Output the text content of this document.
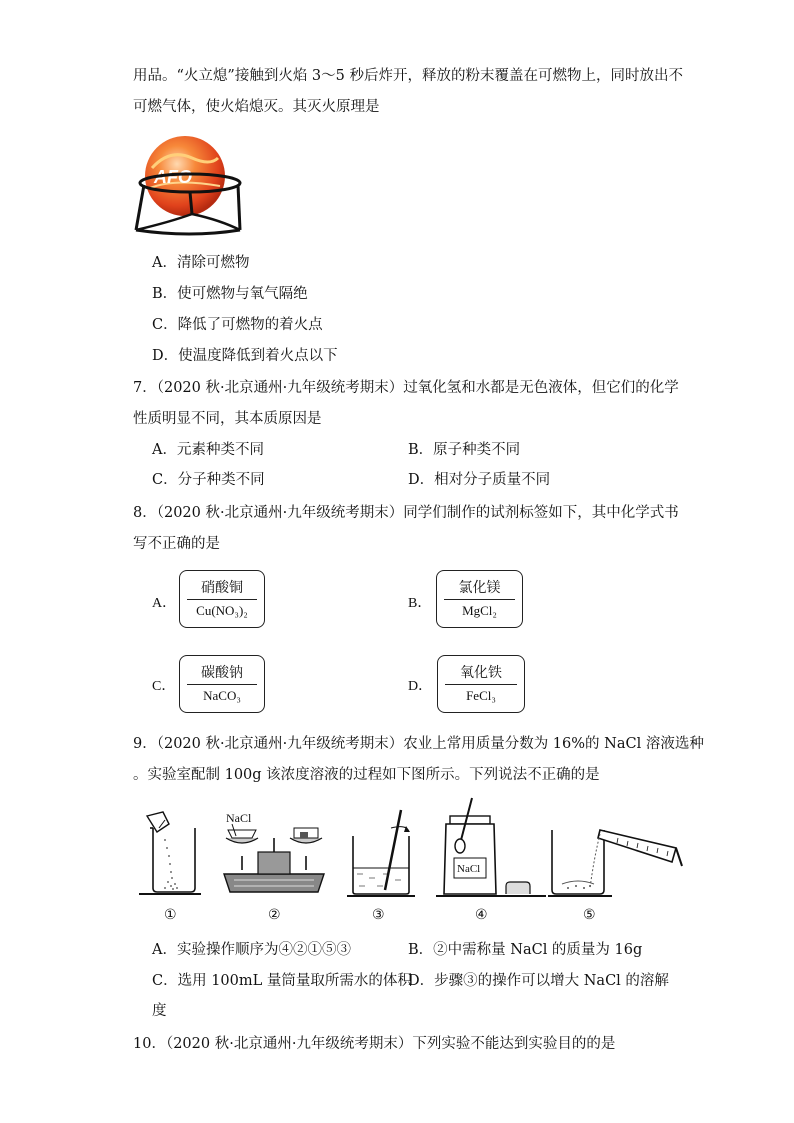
用品。“火立熄”接触到火焰 3～5 秒后炸开，释放的粉末覆盖在可燃物上，同时放出不
可燃气体，使火焰熄灭。其灭火原理是
AFO
A．清除可燃物
B．使可燃物与氧气隔绝
C．降低了可燃物的着火点
D．使温度降低到着火点以下
7．（2020 秋·北京通州·九年级统考期末）过氧化氢和水都是无色液体，但它们的化学
性质明显不同，其本质原因是
A．元素种类不同	B．原子种类不同
C．分子种类不同	D．相对分子质量不同
8．（2020 秋·北京通州·九年级统考期末）同学们制作的试剂标签如下，其中化学式书
写不正确的是
A．
硝酸铜
Cu(NO₃)₂	B．
氯化镁
MgCl₂
C．
碳酸钠
NaCO₃
D．
氧化铁
FeCl₃
9．（2020 秋·北京通州·九年级统考期末）农业上常用质量分数为 16%的 NaCl 溶液选种
。实验室配制 100g 该浓度溶液的过程如下图所示。下列说法不正确的是
①
NaCl
②	③
NaCl
④	⑤
A．实验操作顺序为④②①⑤③	B．②中需称量 NaCl 的质量为 16g
C．选用 100mL 量筒量取所需水的体积
D．步骤③的操作可以增大 NaCl 的溶解
度
10．（2020 秋·北京通州·九年级统考期末）下列实验不能达到实验目的的是
